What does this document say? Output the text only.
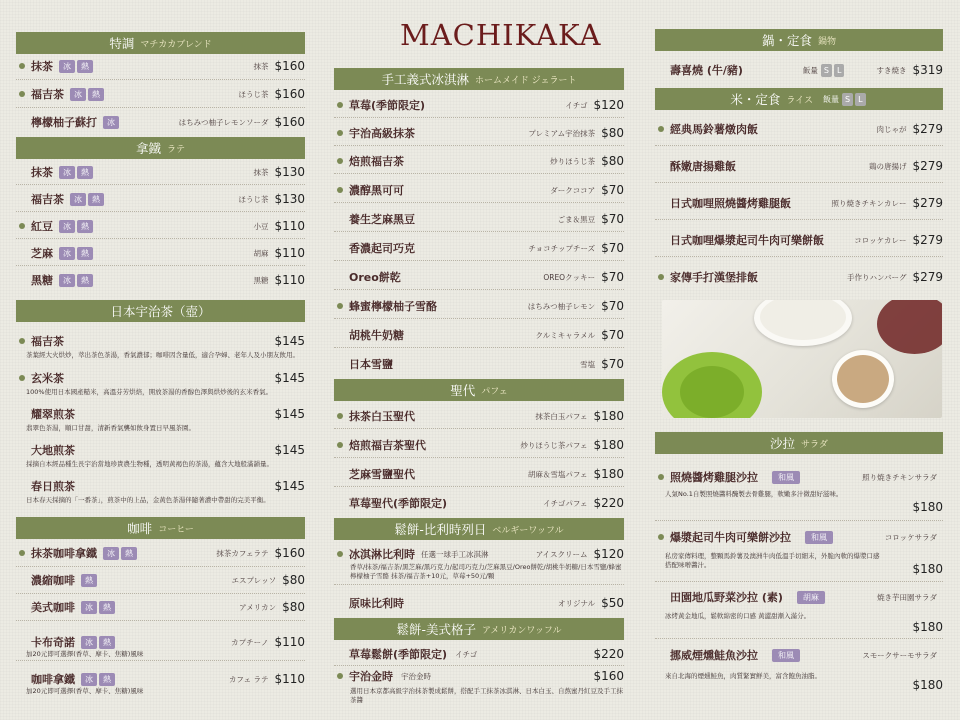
MACHIKAKA
特調 マチカカブレンド
抹茶	冰	熱	抹茶 $160
福吉茶	冰	熱	ほうじ茶 $160
檸檬柚子蘇打	冰	はちみつ柚子レモンソーダ $160
拿鐵 ラテ
抹茶	冰	熱	抹茶 $130
福吉茶	冰	熱	ほうじ茶 $130
紅豆	冰	熱	小豆 $110
芝麻	冰	熱	胡麻 $110
黑糖	冰	熱	黒糖 $110
日本宇治茶（壺）
福吉茶	$145
茶葉經大火烘炒，萃出茶色茶湯，香氣濃郁；咖啡因含量低，適合孕婦、老年人及小朋友飲用。
玄米茶	$145
100%使用日本國產糙米，高溫芬芳烘焙，開放茶湯的香醇色澤與烘炒後的玄米香氣。
耀翠煎茶	$145
翡翠色茶湯，順口甘甜，清新香氣襲如飲身置日早風茶園。
大地煎茶	$145
採摘自本經品種生長宇治當地珍貴農生物種，透明黃褐色的茶湯，蘊含大地般滿韻量。
春日煎茶	$145
日本春天採摘的「一番茶」，煎茶中的上品，金黃色茶湯伴隨著濃中帶甜的完美平衡。
咖啡 コーヒー
抹茶咖啡拿鐵	冰	熱	抹茶カフェラテ $160
濃縮咖啡	熱	エスプレッソ $80
美式咖啡	冰	熱	アメリカン $80
卡布奇諾	冰	熱	カプチーノ $110
加20元即可選擇(香草、摩卡、焦糖)風味
咖啡拿鐵	冰	熱	カフェ ラテ $110
加20元即可選擇(香草、摩卡、焦糖)風味
手工義式冰淇淋 ホームメイド ジェラート
草莓(季節限定)	イチゴ $120
宇治高級抹茶	プレミアム宇治抹茶 $80
焙煎福吉茶	炒りほうじ茶 $80
濃醇黑可可	ダークココア $70
養生芝麻黑豆	ごま＆黒豆 $70
香濃起司巧克	チョコチップチーズ $70
Oreo餅乾	OREOクッキー $70
蜂蜜檸檬柚子雪酪	はちみつ柚子レモン $70
胡桃牛奶糖	クルミキャラメル $70
日本雪鹽	雪塩 $70
聖代 パフェ
抹茶白玉聖代	抹茶白玉パフェ $180
焙煎福吉茶聖代	炒りほうじ茶パフェ $180
芝麻雪鹽聖代	胡麻＆雪塩パフェ $180
草莓聖代(季節限定)	イチゴパフェ $220
鬆餅-比利時列日 ベルギーワッフル
冰淇淋比利時 任選一球手工冰淇淋	アイスクリーム $120
香草/抹茶/福吉茶/黑芝麻/黑巧克力/起司巧克力/芝麻黑豆/Oreo餅乾/胡桃牛奶糖/日本雪鹽/蜂蜜檸檬柚子雪酪 抹茶/福吉茶+10元，草莓+50元/顆
原味比利時	オリジナル $50
鬆餅-美式格子 アメリカンワッフル
草莓鬆餅(季節限定) イチゴ	$220
宇治金時 宇治金時	$160
選用日本京都高級宇治抹茶製成鬆餅，搭配手工抹茶冰淇淋、日本白玉、自熬蜜丹紅豆及手工抹茶醬
鍋・定食 鍋物
壽喜燒 (牛/豬)	飯量 S	L	すき焼き $319
米・定食 ライス 飯量 S	L
經典馬鈴薯燉肉飯	肉じゃが $279
酥嫩唐揚雞飯	鶏の唐揚げ $279
日式咖哩照燒醬烤雞腿飯	照り焼きチキンカレー $279
日式咖哩爆漿起司牛肉可樂餅飯	コロッケカレー $279
家傳手打漢堡排飯	手作りハンバーグ $279
沙拉 サラダ
照燒醬烤雞腿沙拉	和風	照り焼きチキンサラダ
人氣No.1自製照燒醬料醃製去骨雞腿，軟嫩多汁微甜好滋味。
$180
爆漿起司牛肉可樂餅沙拉	和風	コロッケサラダ
私房家傳料理，整顆馬鈴薯及澳洲牛肉低溫手切細末，外脆內軟的爆漿口感搭配味噌醬汁。	$180
田園地瓜野菜沙拉 (素)	胡麻	焼き芋田園サラダ
冰烤黃金地瓜，鬆軟綿密的口感 黃澀甜漸入滿分。
$180
挪威煙燻鮭魚沙拉	和風	スモークサーモサラダ
來自北海的煙燻鮭魚，肉質緊實鮮美，富含飽魚油脂。
$180
